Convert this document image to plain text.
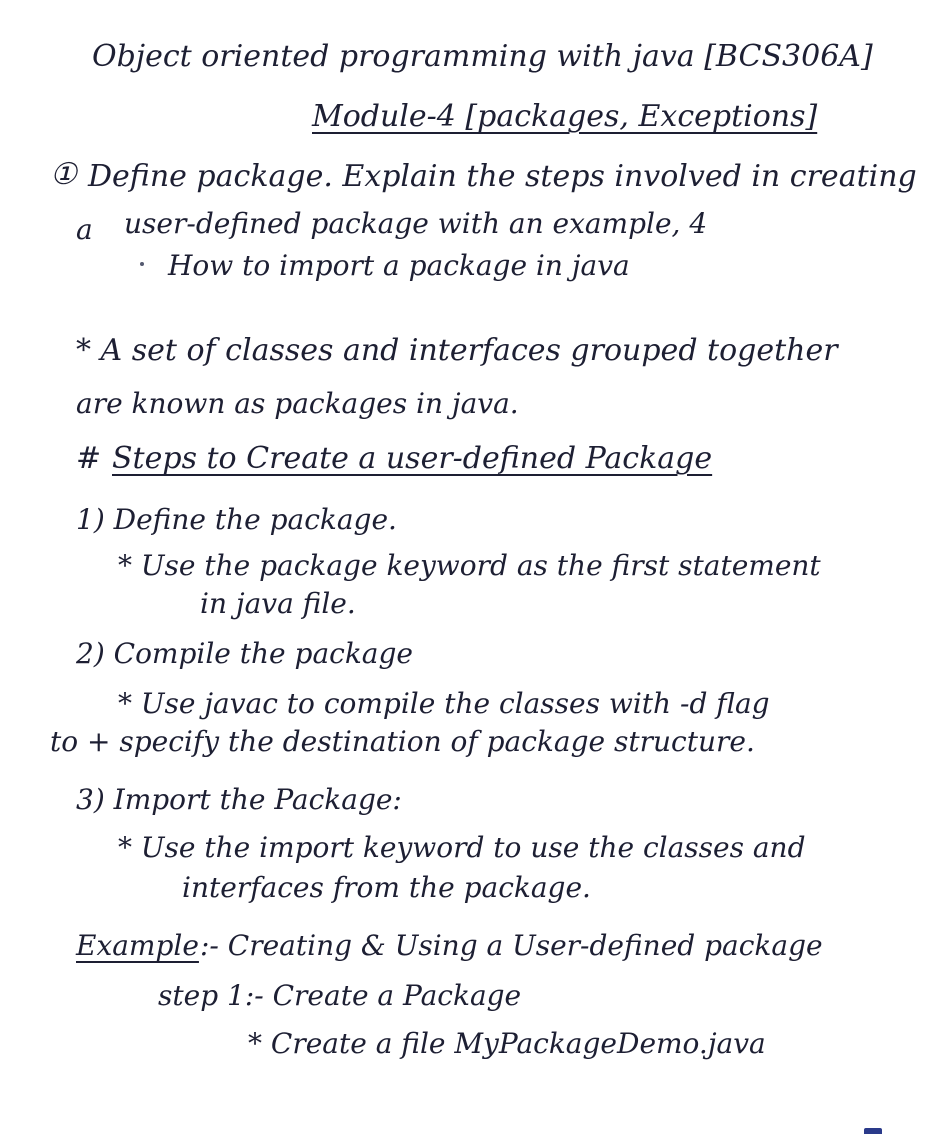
Object oriented programming with java [BCS306A]
Module-4 [packages, Exceptions]
① Define package. Explain the steps involved in creating
a user-defined package with an example, 4
How to import a package in java
* A set of classes and interfaces grouped together
are known as packages in java.
# Steps to Create a user-defined Package
1) Define the package.
* Use the package keyword as the first statement
in java file.
2) Compile the package
* Use javac to compile the classes with -d flag
to + specify the destination of package structure.
3) Import the Package:
* Use the import keyword to use the classes and
interfaces from the package.
Example :- Creating & Using a User-defined package
step 1:- Create a Package
* Create a file MyPackageDemo.java
